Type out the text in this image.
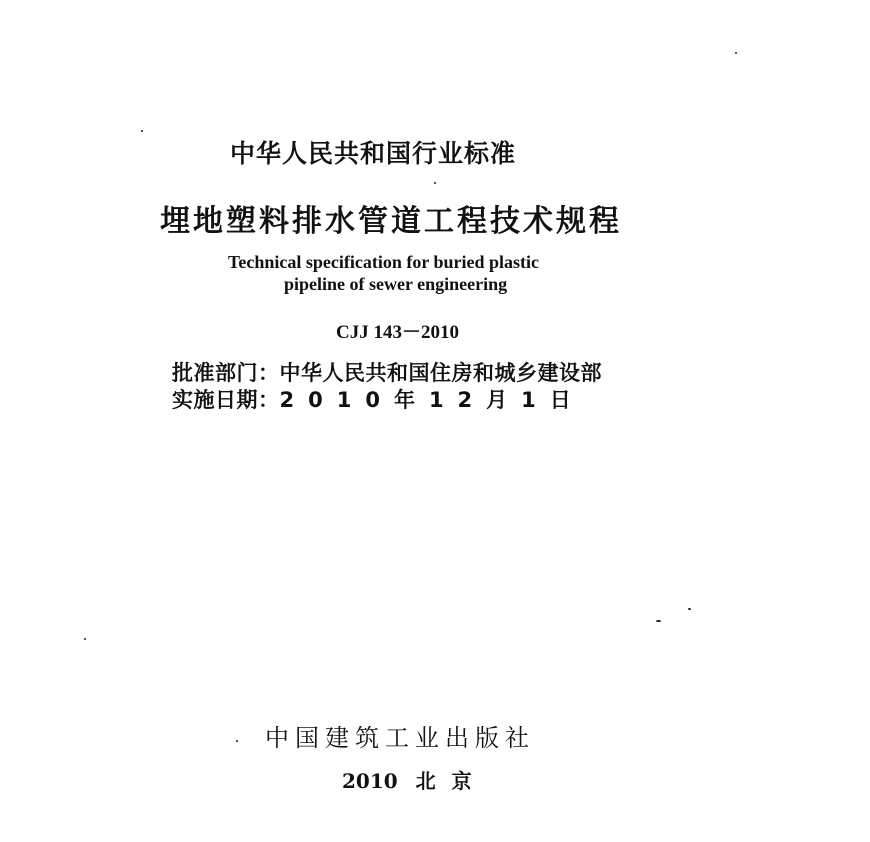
中华人民共和国行业标准
埋地塑料排水管道工程技术规程
Technical specification for buried plastic
pipeline of sewer engineering
CJJ 143－2010
批准部门：中华人民共和国住房和城乡建设部
实施日期：2010年12月1日
中国建筑工业出版社
2010 北京
